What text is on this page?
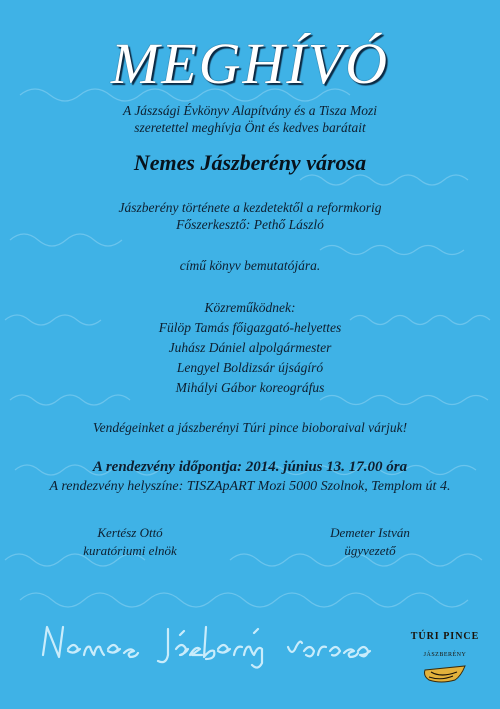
MEGHÍVÓ
A Jászsági Évkönyv Alapítvány és a Tisza Mozi
szeretettel meghívja Önt és kedves barátait
Nemes Jászberény városa
Jászberény története a kezdetektől a reformkorig
Főszerkesztő: Pethő László
című könyv bemutatójára.
Közreműködnek:
Fülöp Tamás főigazgató-helyettes
Juhász Dániel alpolgármester
Lengyel Boldizsár újságíró
Mihályi Gábor koreográfus
Vendégeinket a jászberényi Túri pince bioboraival várjuk!
A rendezvény időpontja: 2014. június 13. 17.00 óra
A rendezvény helyszíne: TISZApART Mozi 5000 Szolnok, Templom út 4.
Kertész Ottó
kuratóriumi elnök
Demeter István
ügyvezető
TÚRI PINCE
JÁSZBERÉNY
